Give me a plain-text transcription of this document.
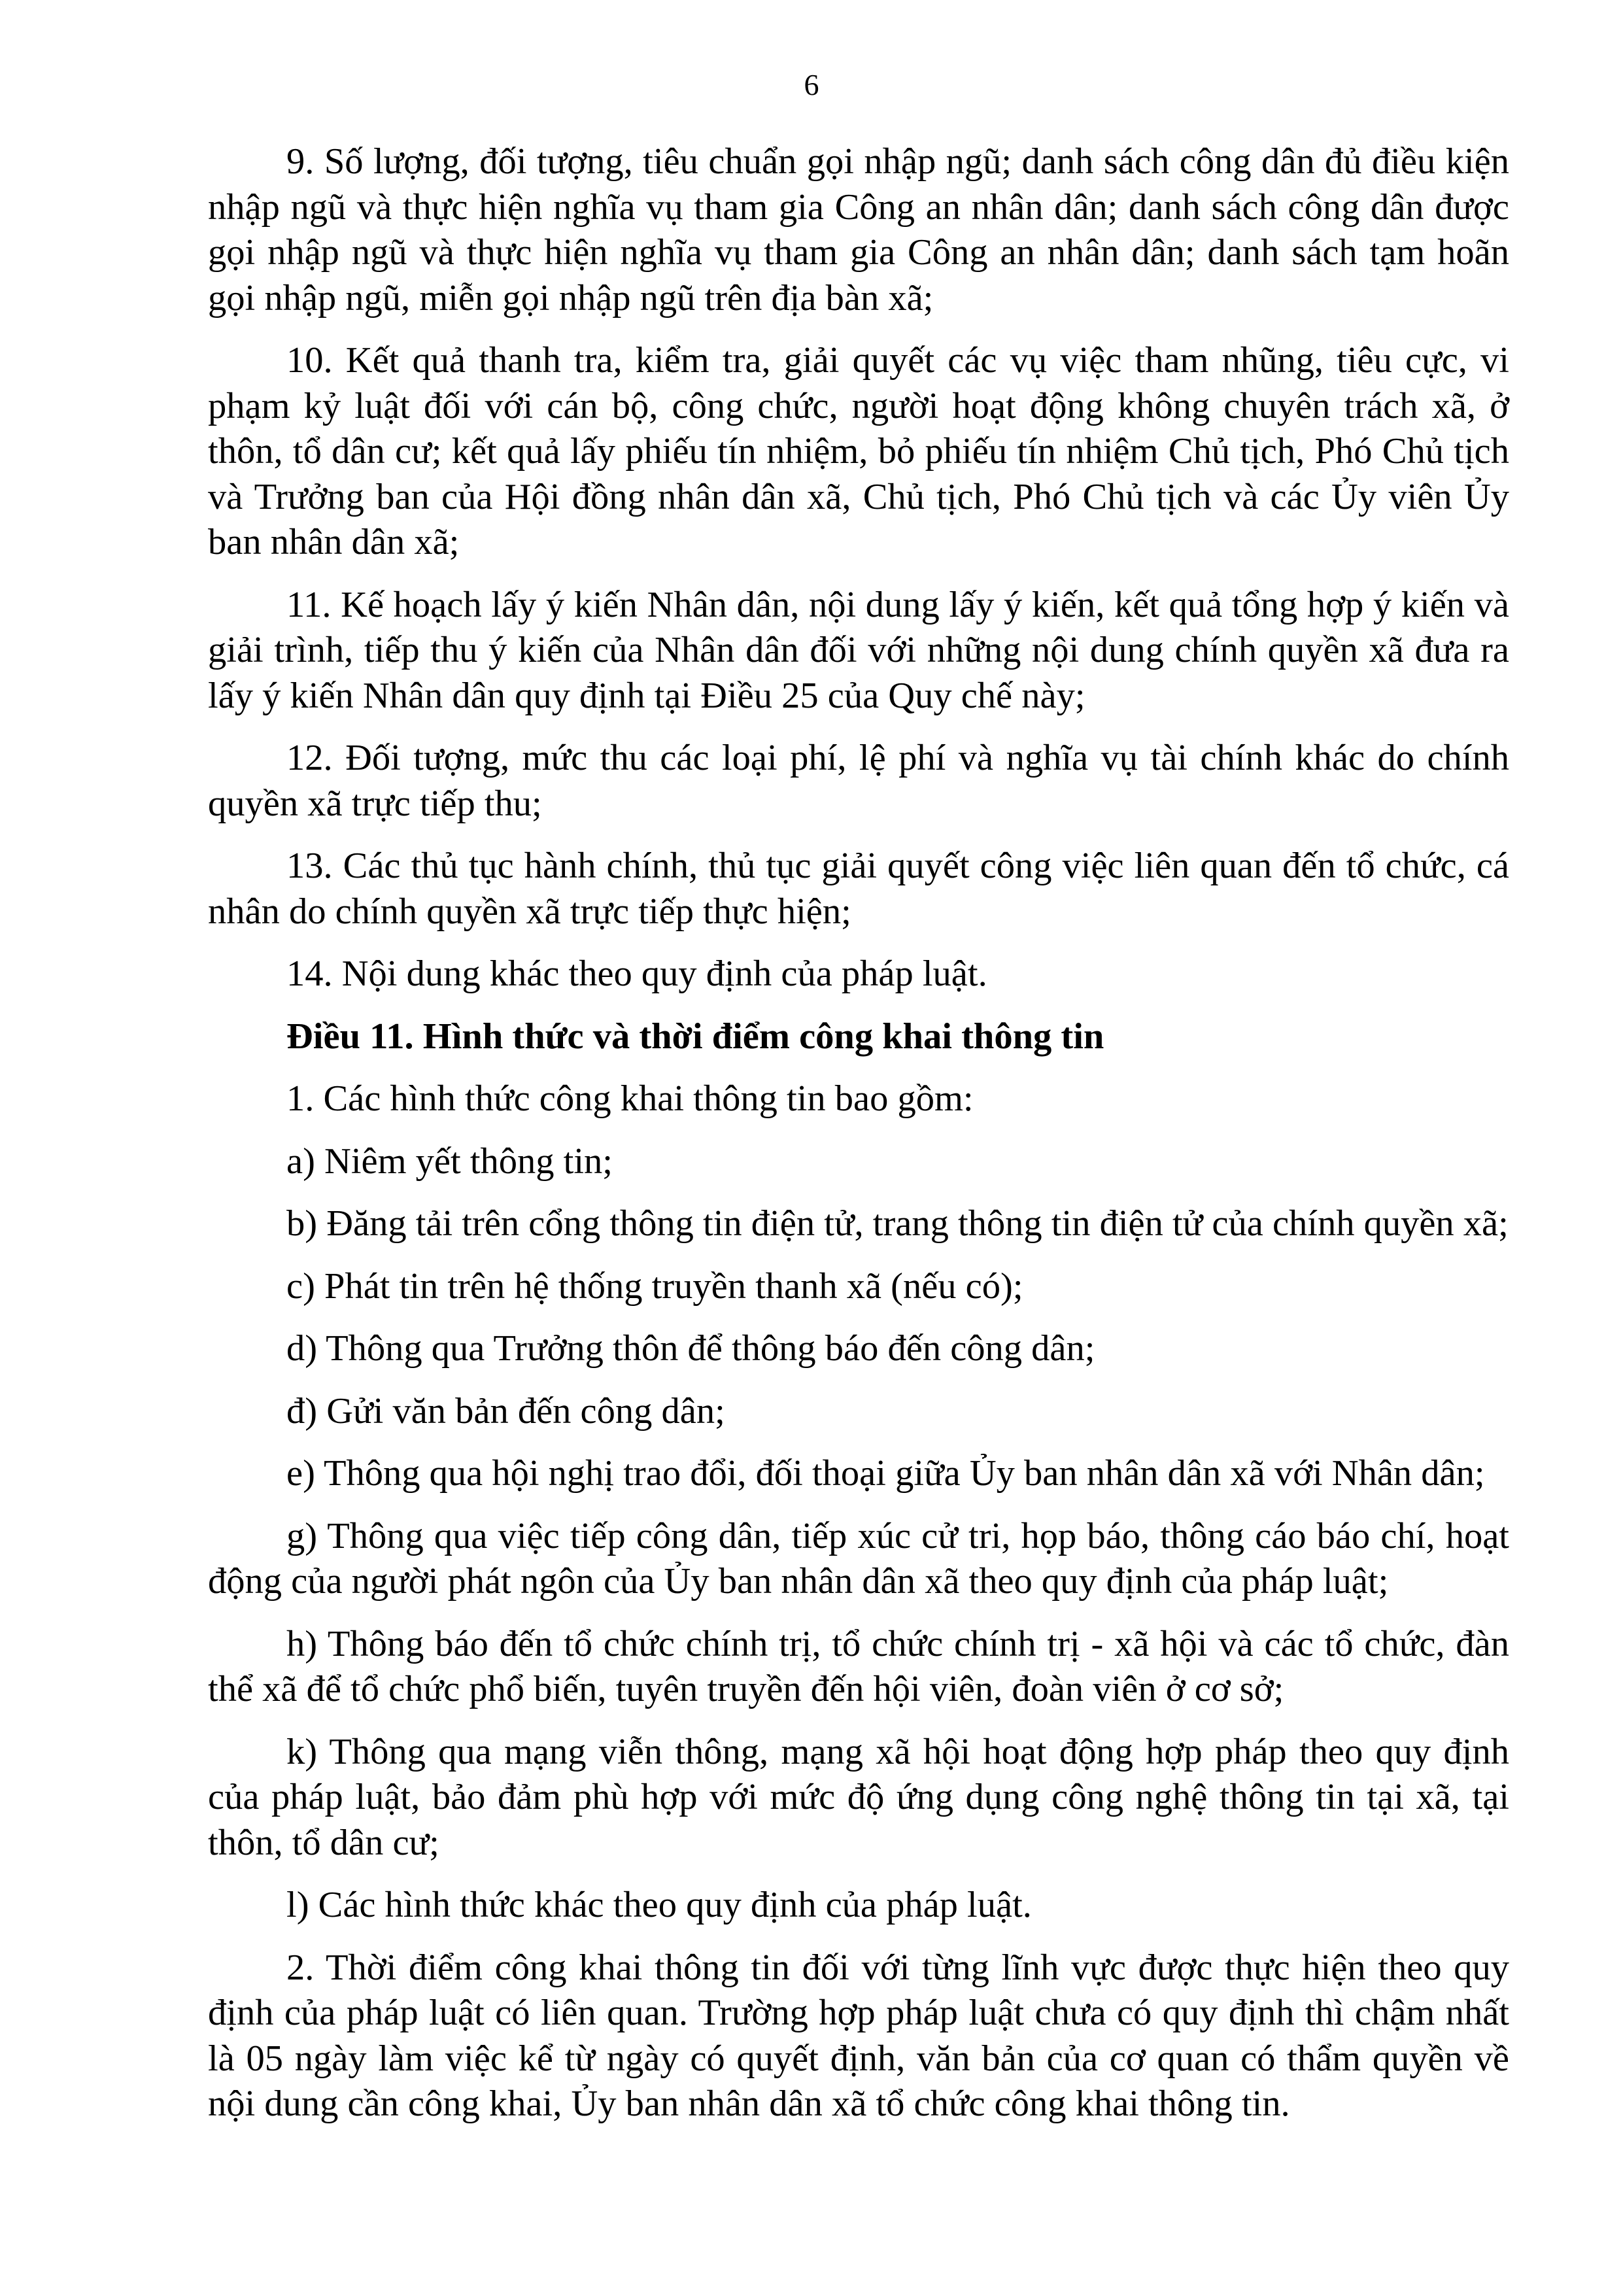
6

9. Số lượng, đối tượng, tiêu chuẩn gọi nhập ngũ; danh sách công dân đủ điều kiện nhập ngũ và thực hiện nghĩa vụ tham gia Công an nhân dân; danh sách công dân được gọi nhập ngũ và thực hiện nghĩa vụ tham gia Công an nhân dân; danh sách tạm hoãn gọi nhập ngũ, miễn gọi nhập ngũ trên địa bàn xã;

10. Kết quả thanh tra, kiểm tra, giải quyết các vụ việc tham nhũng, tiêu cực, vi phạm kỷ luật đối với cán bộ, công chức, người hoạt động không chuyên trách xã, ở thôn, tổ dân cư; kết quả lấy phiếu tín nhiệm, bỏ phiếu tín nhiệm Chủ tịch, Phó Chủ tịch và Trưởng ban của Hội đồng nhân dân xã, Chủ tịch, Phó Chủ tịch và các Ủy viên Ủy ban nhân dân xã;

11. Kế hoạch lấy ý kiến Nhân dân, nội dung lấy ý kiến, kết quả tổng hợp ý kiến và giải trình, tiếp thu ý kiến của Nhân dân đối với những nội dung chính quyền xã đưa ra lấy ý kiến Nhân dân quy định tại Điều 25 của Quy chế này;

12. Đối tượng, mức thu các loại phí, lệ phí và nghĩa vụ tài chính khác do chính quyền xã trực tiếp thu;

13. Các thủ tục hành chính, thủ tục giải quyết công việc liên quan đến tổ chức, cá nhân do chính quyền xã trực tiếp thực hiện;

14. Nội dung khác theo quy định của pháp luật.

Điều 11. Hình thức và thời điểm công khai thông tin

1. Các hình thức công khai thông tin bao gồm:

a) Niêm yết thông tin;

b) Đăng tải trên cổng thông tin điện tử, trang thông tin điện tử của chính quyền xã;

c) Phát tin trên hệ thống truyền thanh xã (nếu có);

d) Thông qua Trưởng thôn để thông báo đến công dân;

đ) Gửi văn bản đến công dân;

e) Thông qua hội nghị trao đổi, đối thoại giữa Ủy ban nhân dân xã với Nhân dân;

g) Thông qua việc tiếp công dân, tiếp xúc cử tri, họp báo, thông cáo báo chí, hoạt động của người phát ngôn của Ủy ban nhân dân xã theo quy định của pháp luật;

h) Thông báo đến tổ chức chính trị, tổ chức chính trị - xã hội và các tổ chức, đàn thể xã để tổ chức phổ biến, tuyên truyền đến hội viên, đoàn viên ở cơ sở;

k) Thông qua mạng viễn thông, mạng xã hội hoạt động hợp pháp theo quy định của pháp luật, bảo đảm phù hợp với mức độ ứng dụng công nghệ thông tin tại xã, tại thôn, tổ dân cư;

l) Các hình thức khác theo quy định của pháp luật.

2. Thời điểm công khai thông tin đối với từng lĩnh vực được thực hiện theo quy định của pháp luật có liên quan. Trường hợp pháp luật chưa có quy định thì chậm nhất là 05 ngày làm việc kể từ ngày có quyết định, văn bản của cơ quan có thẩm quyền về nội dung cần công khai, Ủy ban nhân dân xã tổ chức công khai thông tin.
